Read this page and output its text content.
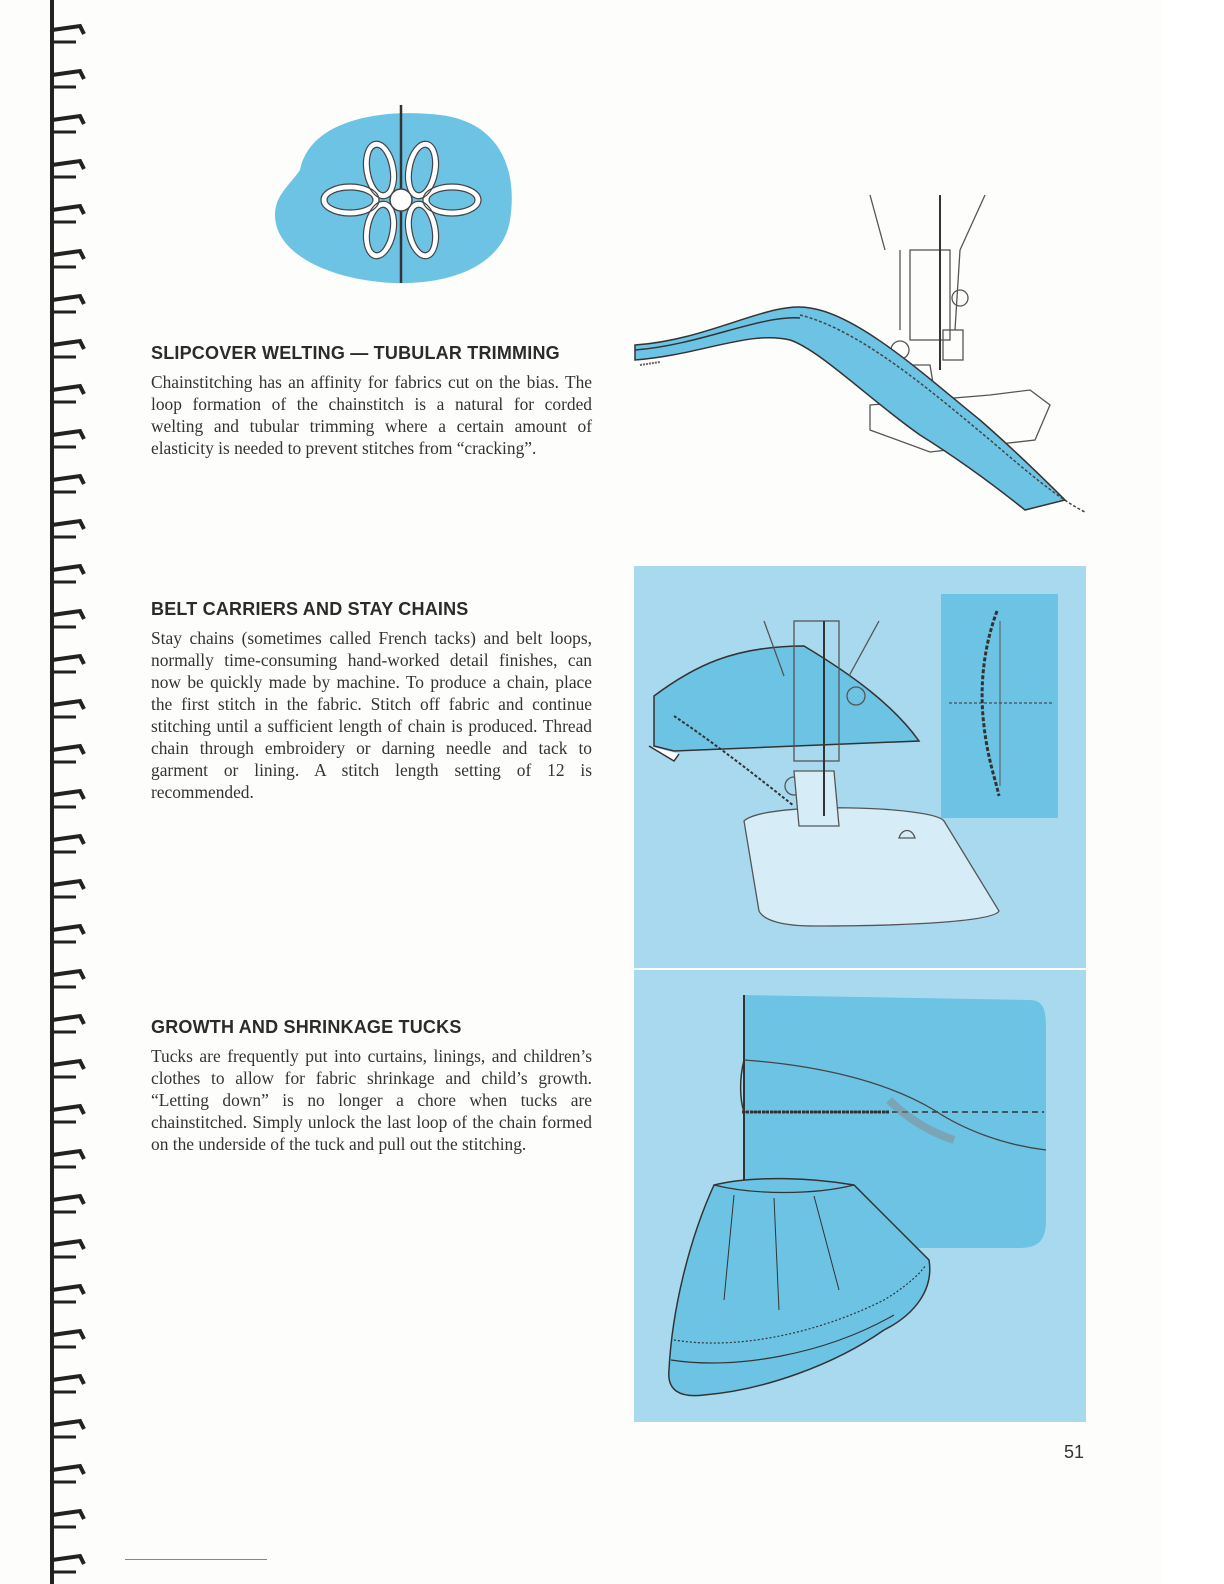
SLIPCOVER WELTING — TUBULAR TRIMMING

Chainstitching has an affinity for fabrics cut on the bias. The loop formation of the chainstitch is a natural for corded welting and tubular trimming where a certain amount of elasticity is needed to prevent stitches from “cracking”.

BELT CARRIERS AND STAY CHAINS

Stay chains (sometimes called French tacks) and belt loops, normally time-consuming hand-worked detail finishes, can now be quickly made by machine. To produce a chain, place the first stitch in the fabric. Stitch off fabric and continue stitching until a sufficient length of chain is produced. Thread chain through embroidery or darning needle and tack to garment or lining. A stitch length setting of 12 is recommended.

GROWTH AND SHRINKAGE TUCKS

Tucks are frequently put into curtains, linings, and children’s clothes to allow for fabric shrinkage and child’s growth. “Letting down” is no longer a chore when tucks are chainstitched. Simply unlock the last loop of the chain formed on the underside of the tuck and pull out the stitching.

51
